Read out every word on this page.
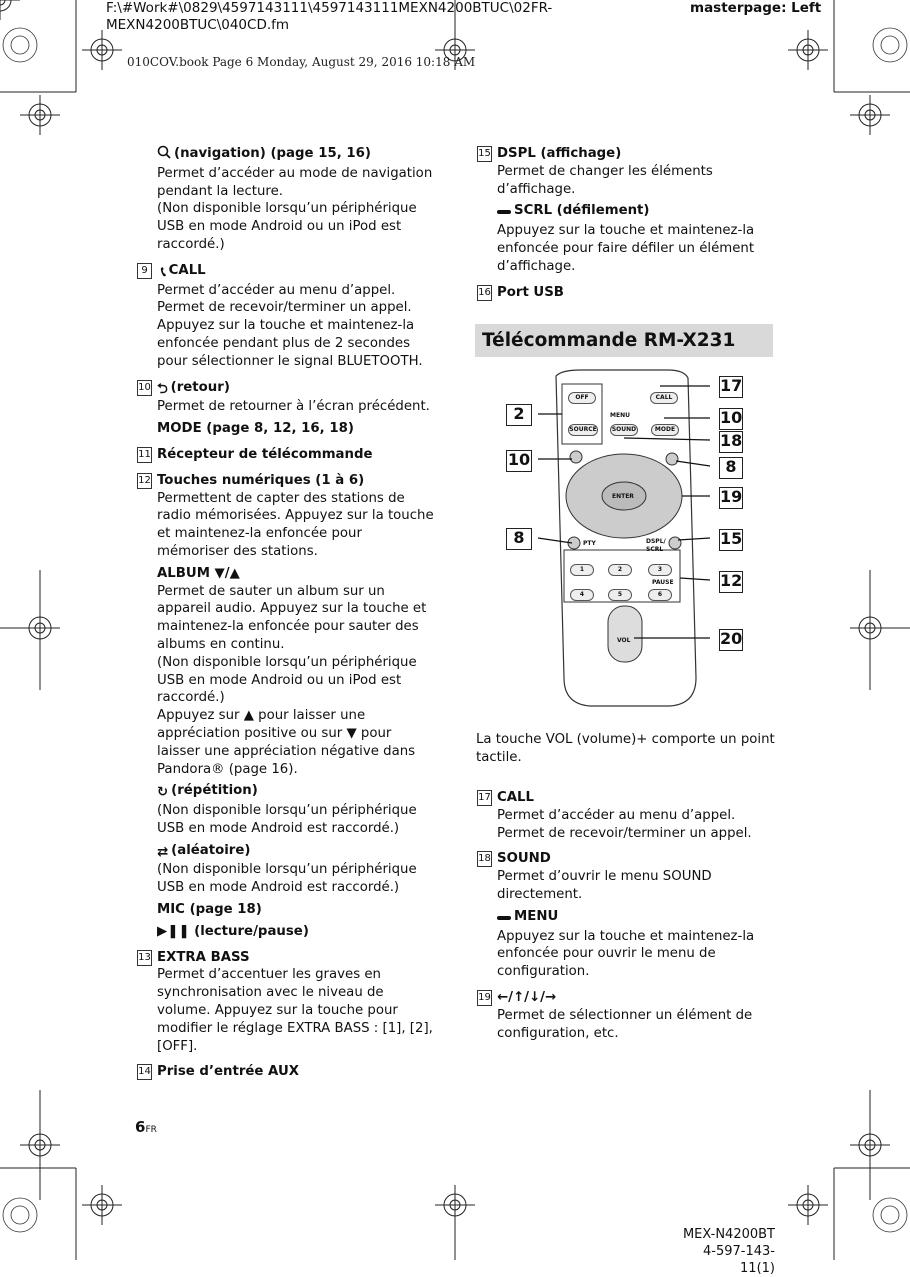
F:\#Work#\0829\4597143111\4597143111MEXN4200BTUC\02FR-MEXN4200BTUC\040CD.fm
masterpage: Left
010COV.book Page 6 Monday, August 29, 2016 10:18 AM

(navigation) (page 15, 16)

Permet d’accéder au mode de navigation pendant la lecture.

(Non disponible lorsqu’un périphérique USB en mode Android ou un iPod est raccordé.)

9	📞︎ CALL

Permet d’accéder au menu d’appel. Permet de recevoir/terminer un appel. Appuyez sur la touche et maintenez-la enfoncée pendant plus de 2 secondes pour sélectionner le signal BLUETOOTH.

10 ⮌ (retour)

Permet de retourner à l’écran précédent.

MODE (page 8, 12, 16, 18)

11 Récepteur de télécommande

12 Touches numériques (1 à 6)

Permettent de capter des stations de radio mémorisées. Appuyez sur la touche et maintenez-la enfoncée pour mémoriser des stations.

ALBUM ▼/▲

Permet de sauter un album sur un appareil audio. Appuyez sur la touche et maintenez-la enfoncée pour sauter des albums en continu.

(Non disponible lorsqu’un périphérique USB en mode Android ou un iPod est raccordé.)

Appuyez sur ▲ pour laisser une appréciation positive ou sur ▼ pour laisser une appréciation négative dans Pandora® (page 16).

↻ (répétition)

(Non disponible lorsqu’un périphérique USB en mode Android est raccordé.)

⇄ (aléatoire)

(Non disponible lorsqu’un périphérique USB en mode Android est raccordé.)

MIC (page 18)

▶❚❚ (lecture/pause)

13 EXTRA BASS

Permet d’accentuer les graves en synchronisation avec le niveau de volume. Appuyez sur la touche pour modifier le réglage EXTRA BASS : [1], [2], [OFF].

14 Prise d’entrée AUX

15 DSPL (affichage)

Permet de changer les éléments d’affichage.

SCRL (défilement)

Appuyez sur la touche et maintenez-la enfoncée pour faire défiler un élément d’affichage.

16 Port USB

Télécommande RM-X231
OFF
SOURCE
CALL
MENU
SOUND	MODE
ENTER
PTY	DSPL/
SCRL
1	2	3
4	5	6
PAUSE
VOL
2
10
8
17
10
18
8
19
15
12
20
La touche VOL (volume)+ comporte un point tactile.
17 CALL

Permet d’accéder au menu d’appel. Permet de recevoir/terminer un appel.

18 SOUND

Permet d’ouvrir le menu SOUND directement.

MENU

Appuyez sur la touche et maintenez-la enfoncée pour ouvrir le menu de configuration.

19 ←/↑/↓/→

Permet de sélectionner un élément de configuration, etc.

6FR
MEX-N4200BT
4-597-143-11(1)
